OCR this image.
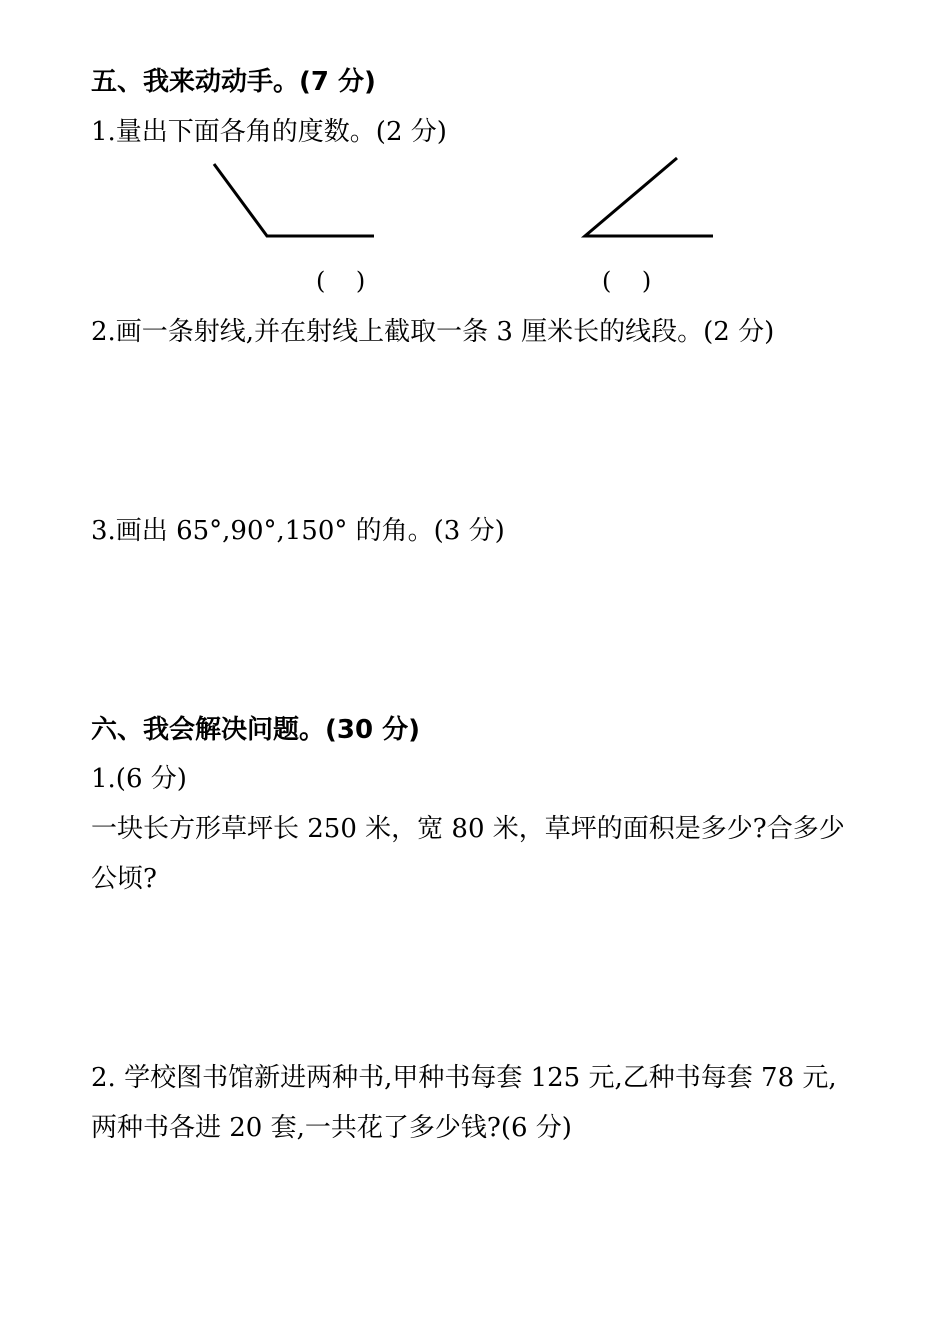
五、我来动动手。(7 分)
1.量出下面各角的度数。(2 分)
(    )	(    )
2.画一条射线,并在射线上截取一条 3 厘米长的线段。(2 分)
3.画出 65°,90°,150° 的角。(3 分)
六、我会解决问题。(30 分)
1.(6 分)
一块长方形草坪长 250 米，宽 80 米，草坪的面积是多少?合多少
公顷?
2. 学校图书馆新进两种书,甲种书每套 125 元,乙种书每套 78 元,
两种书各进 20 套,一共花了多少钱?(6 分)
